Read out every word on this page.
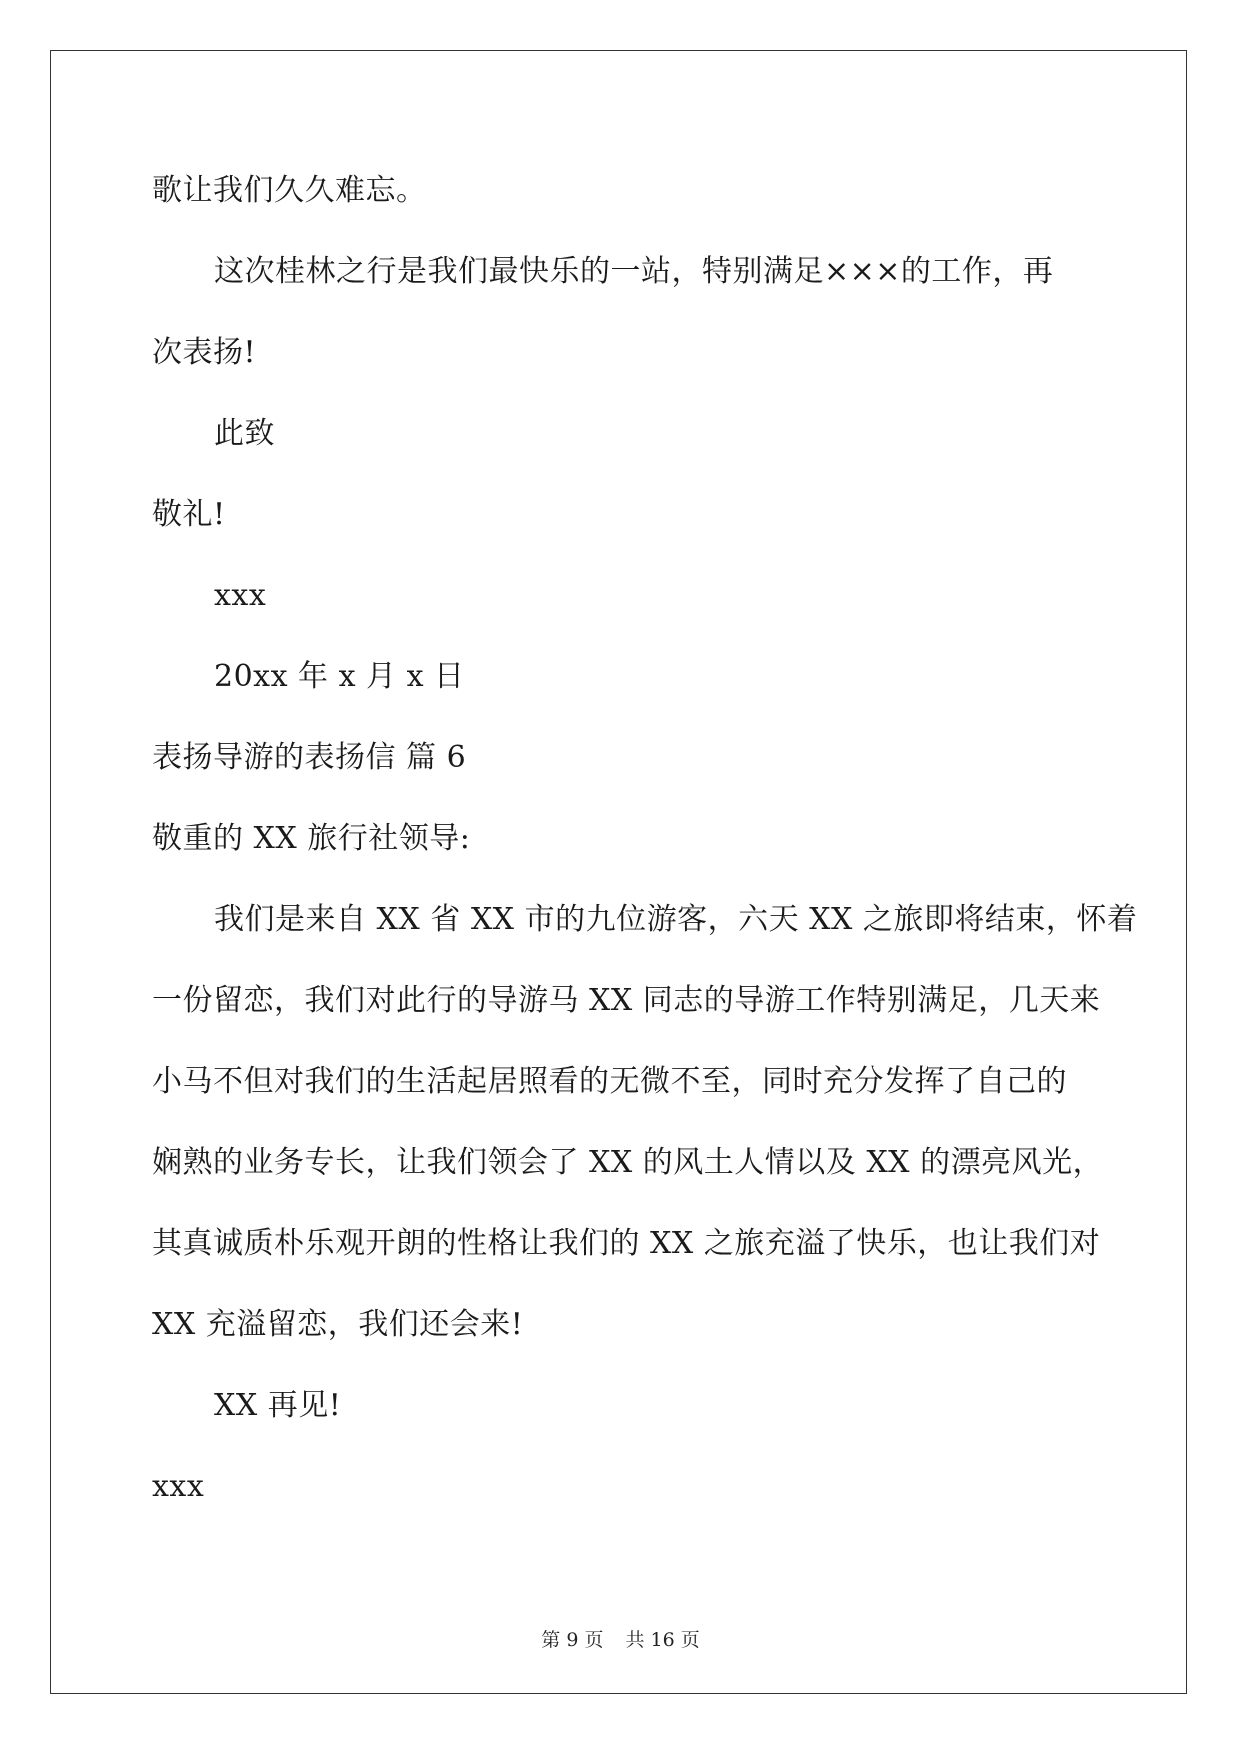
歌让我们久久难忘。
这次桂林之行是我们最快乐的一站，特别满足×××的工作，再
次表扬!
此致
敬礼!
xxx
20xx 年 x 月 x 日
表扬导游的表扬信 篇 6
敬重的 XX 旅行社领导:
我们是来自 XX 省 XX 市的九位游客，六天 XX 之旅即将结束，怀着
一份留恋，我们对此行的导游马 XX 同志的导游工作特别满足，几天来
小马不但对我们的生活起居照看的无微不至，同时充分发挥了自己的
娴熟的业务专长，让我们领会了 XX 的风土人情以及 XX 的漂亮风光，
其真诚质朴乐观开朗的性格让我们的 XX 之旅充溢了快乐，也让我们对
XX 充溢留恋，我们还会来!
XX 再见!
xxx
第 9 页 共 16 页
